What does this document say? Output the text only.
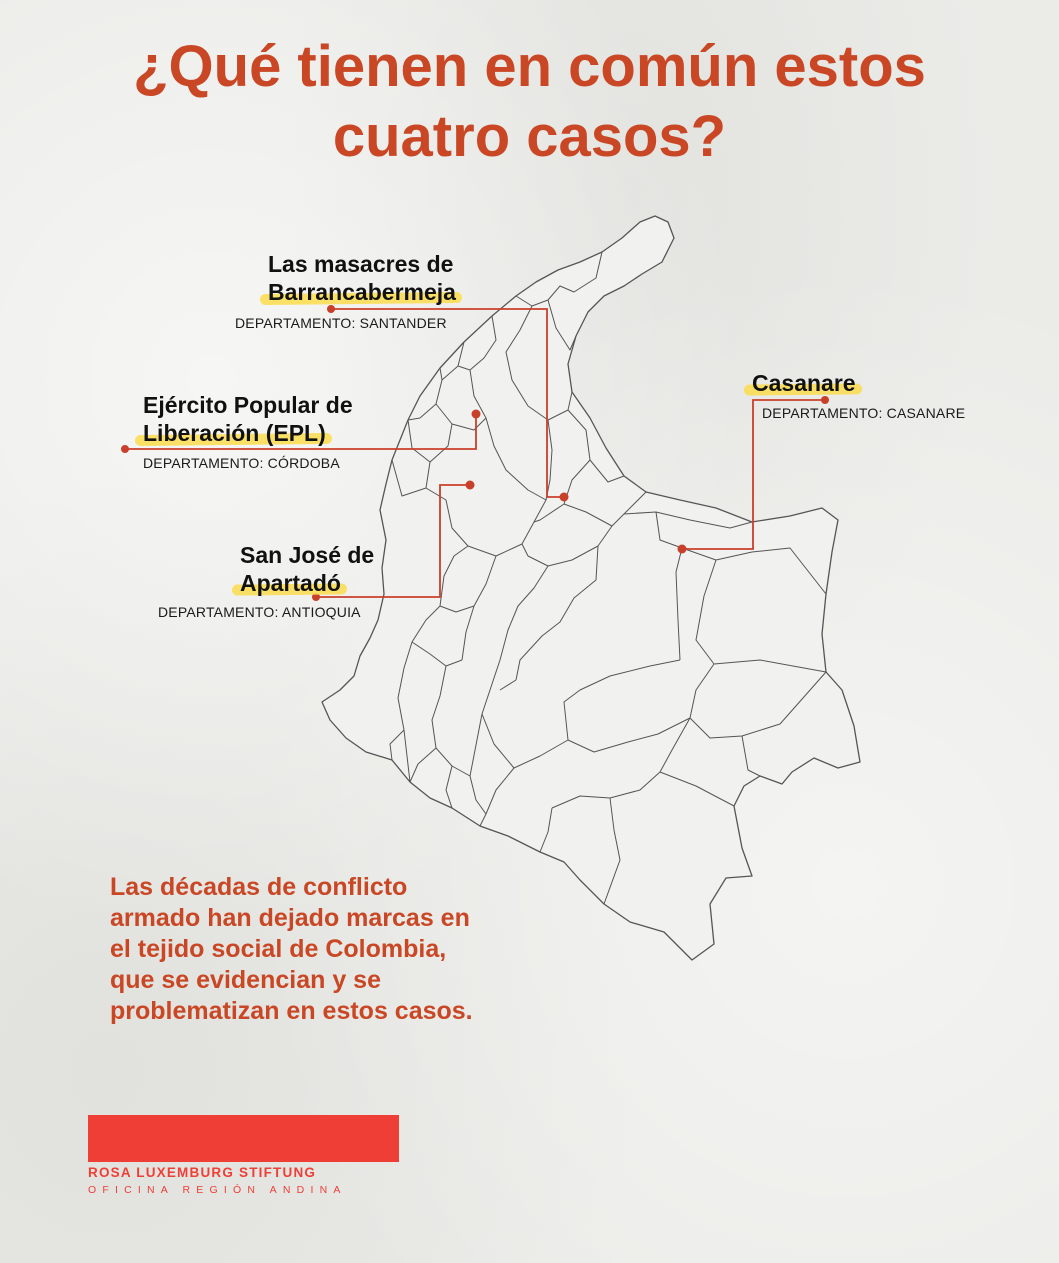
¿Qué tienen en común estos
cuatro casos?
Las masacres de
Barrancabermeja
DEPARTAMENTO: SANTANDER
Ejército Popular de
Liberación (EPL)
DEPARTAMENTO: CÓRDOBA
San José de
Apartadó
DEPARTAMENTO: ANTIOQUIA
Casanare
DEPARTAMENTO: CASANARE
Las décadas de conflicto
armado han dejado marcas en
el tejido social de Colombia,
que se evidencian y se
problematizan en estos casos.
ROSA LUXEMBURG STIFTUNG
OFICINA REGIÓN ANDINA
